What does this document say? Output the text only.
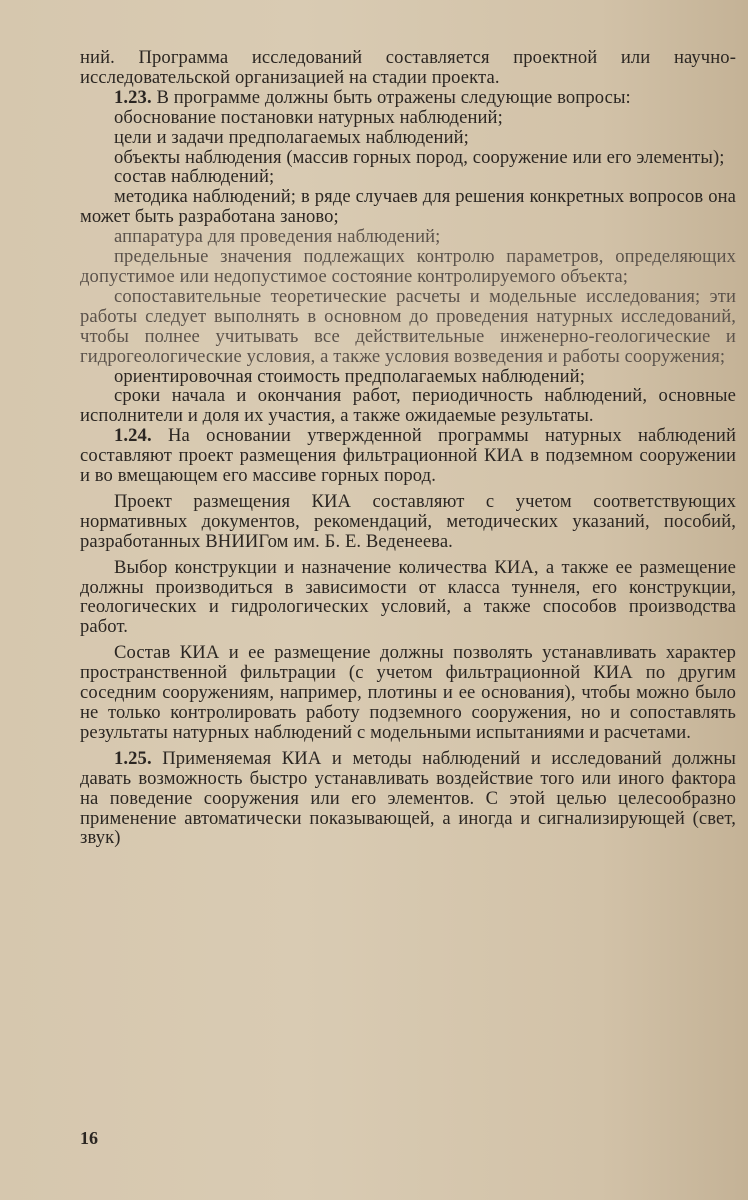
ний. Программа исследований составляется проектной или научно-исследовательской организацией на стадии проекта.

1.23. В программе должны быть отражены следующие вопросы:

обоснование постановки натурных наблюдений;

цели и задачи предполагаемых наблюдений;

объекты наблюдения (массив горных пород, сооружение или его элементы);

состав наблюдений;

методика наблюдений; в ряде случаев для решения конкретных вопросов она может быть разработана заново;

аппаратура для проведения наблюдений;

предельные значения подлежащих контролю параметров, определяющих допустимое или недопустимое состояние контролируемого объекта;

сопоставительные теоретические расчеты и модельные исследования; эти работы следует выполнять в основном до проведения натурных исследований, чтобы полнее учитывать все действительные инженерно-геологические и гидрогеологические условия, а также условия возведения и работы сооружения;

ориентировочная стоимость предполагаемых наблюдений;

сроки начала и окончания работ, периодичность наблюдений, основные исполнители и доля их участия, а также ожидаемые результаты.

1.24. На основании утвержденной программы натурных наблюдений составляют проект размещения фильтрационной КИА в подземном сооружении и во вмещающем его массиве горных пород.

Проект размещения КИА составляют с учетом соответствующих нормативных документов, рекомендаций, методических указаний, пособий, разработанных ВНИИГом им. Б. Е. Веденеева.

Выбор конструкции и назначение количества КИА, а также ее размещение должны производиться в зависимости от класса туннеля, его конструкции, геологических и гидрологических условий, а также способов производства работ.

Состав КИА и ее размещение должны позволять устанавливать характер пространственной фильтрации (с учетом фильтрационной КИА по другим соседним сооружениям, например, плотины и ее основания), чтобы можно было не только контролировать работу подземного сооружения, но и сопоставлять результаты натурных наблюдений с модельными испытаниями и расчетами.

1.25. Применяемая КИА и методы наблюдений и исследований должны давать возможность быстро устанавливать воздействие того или иного фактора на поведение сооружения или его элементов. С этой целью целесообразно применение автоматически показывающей, а иногда и сигнализирующей (свет, звук)

16
